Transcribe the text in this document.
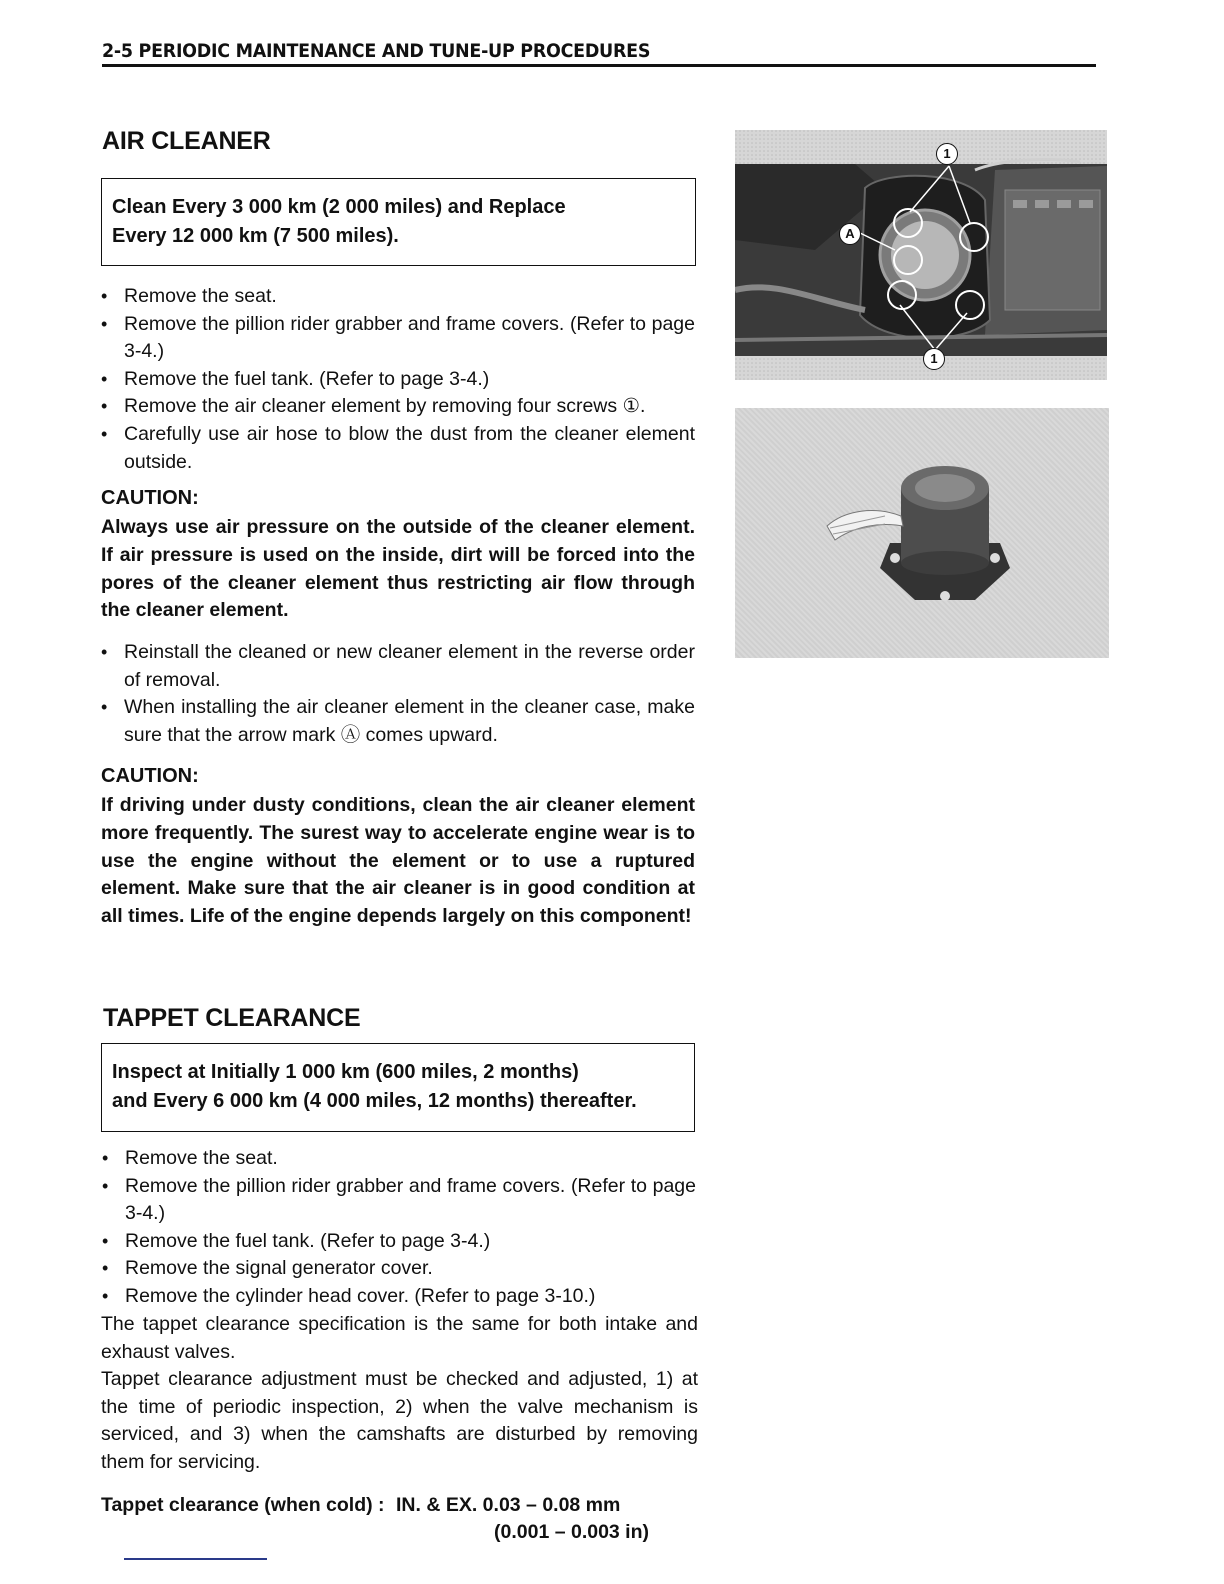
2-5 PERIODIC MAINTENANCE AND TUNE-UP PROCEDURES
AIR CLEANER
Clean Every 3 000 km (2 000 miles) and Replace
Every 12 000 km (7 500 miles).
• Remove the seat.
• Remove the pillion rider grabber and frame covers. (Refer to page 3-4.)
• Remove the fuel tank. (Refer to page 3-4.)
• Remove the air cleaner element by removing four screws ①.
• Carefully use air hose to blow the dust from the cleaner element outside.
CAUTION:
Always use air pressure on the outside of the cleaner element. If air pressure is used on the inside, dirt will be forced into the pores of the cleaner element thus restricting air flow through the cleaner element.
• Reinstall the cleaned or new cleaner element in the reverse order of removal.
• When installing the air cleaner element in the cleaner case, make sure that the arrow mark Ⓐ comes upward.
CAUTION:
If driving under dusty conditions, clean the air cleaner element more frequently. The surest way to accelerate engine wear is to use the engine without the element or to use a ruptured element. Make sure that the air cleaner is in good condition at all times. Life of the engine depends largely on this component!
1
A
1
TAPPET CLEARANCE
Inspect at Initially 1 000 km (600 miles, 2 months)
and Every 6 000 km (4 000 miles, 12 months) thereafter.
• Remove the seat.
• Remove the pillion rider grabber and frame covers. (Refer to page 3-4.)
• Remove the fuel tank. (Refer to page 3-4.)
• Remove the signal generator cover.
• Remove the cylinder head cover. (Refer to page 3-10.)
The tappet clearance specification is the same for both intake and exhaust valves.
Tappet clearance adjustment must be checked and adjusted, 1) at the time of periodic inspection, 2) when the valve mechanism is serviced, and 3) when the camshafts are disturbed by removing them for servicing.
Tappet clearance (when cold) : IN. & EX. 0.03 – 0.08 mm
(0.001 – 0.003 in)
